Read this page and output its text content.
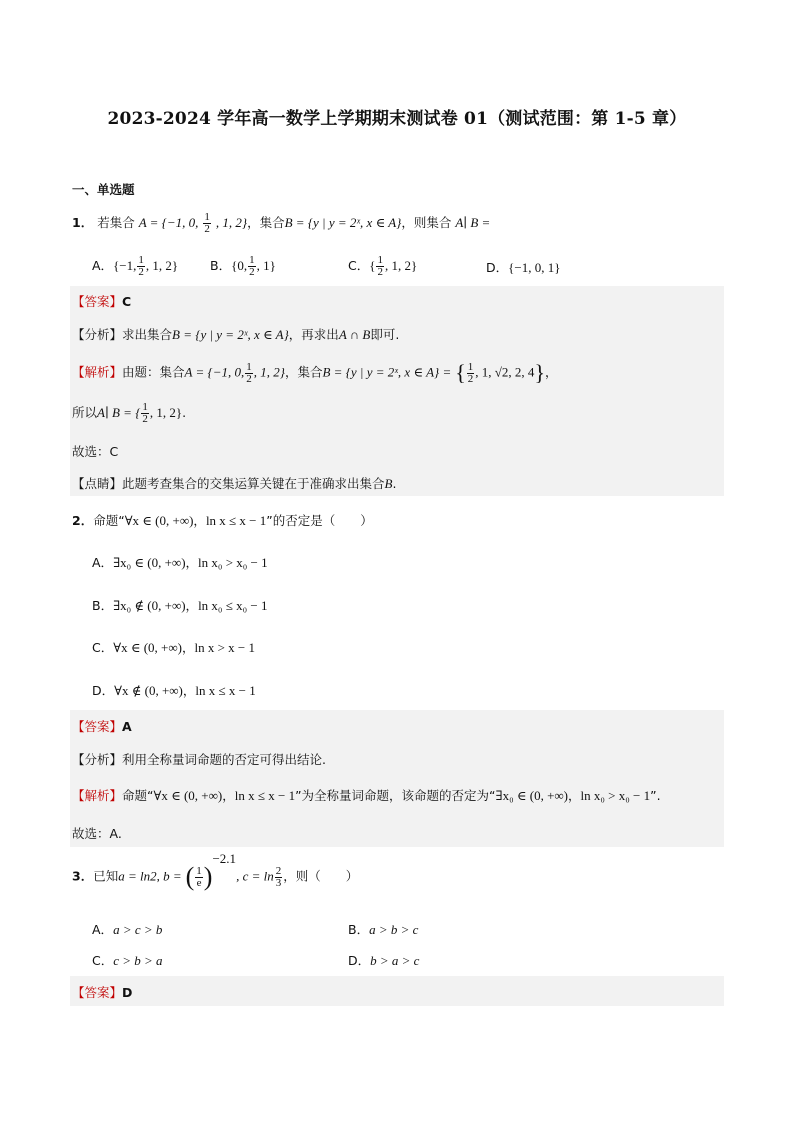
2023-2024 学年高一数学上学期期末测试卷 01（测试范围：第 1-5 章）
一、单选题
1． 若集合 A = {−1, 0, $\frac{1}{2}$ , 1, 2}，集合B = {y | y = 2ˣ, x ∈ A}，则集合 A∣ B =
A．{−1, $\frac{1}{2}$ , 1, 2}	B．{0, $\frac{1}{2}$ , 1}	C．{ $\frac{1}{2}$ , 1, 2}	D．{−1, 0, 1}
【答案】C
【分析】求出集合B = {y | y = 2ˣ, x ∈ A}，再求出A ∩ B即可.
【解析】由题：集合A = {−1, 0, $\frac{1}{2}$ , 1, 2}，集合B = {y | y = 2ˣ, x ∈ A} = { $\frac{1}{2}$ , 1, √2, 2, 4}，
所以A∣ B = { $\frac{1}{2}$ , 1, 2}.
故选：C
【点睛】此题考查集合的交集运算关键在于准确求出集合B.
2．命题“∀x ∈ (0, +∞)，ln x ≤ x − 1”的否定是（　　）
A．∃x₀ ∈ (0, +∞)，ln x₀ > x₀ − 1
B．∃x₀ ∉ (0, +∞)，ln x₀ ≤ x₀ − 1
C．∀x ∈ (0, +∞)，ln x > x − 1
D．∀x ∉ (0, +∞)，ln x ≤ x − 1
【答案】A
【分析】利用全称量词命题的否定可得出结论.
【解析】命题“∀x ∈ (0, +∞)，ln x ≤ x − 1”为全称量词命题，该命题的否定为“∃x₀ ∈ (0, +∞)，ln x₀ > x₀ − 1”.
故选：A.
3．已知a = ln2, b = ( $\frac{1}{e} )^{-2.1}$, $c = \ln \frac{2}{3}$ ，则（　　）
A．a > c > b	B．a > b > c
C．c > b > a	D．b > a > c
【答案】D
